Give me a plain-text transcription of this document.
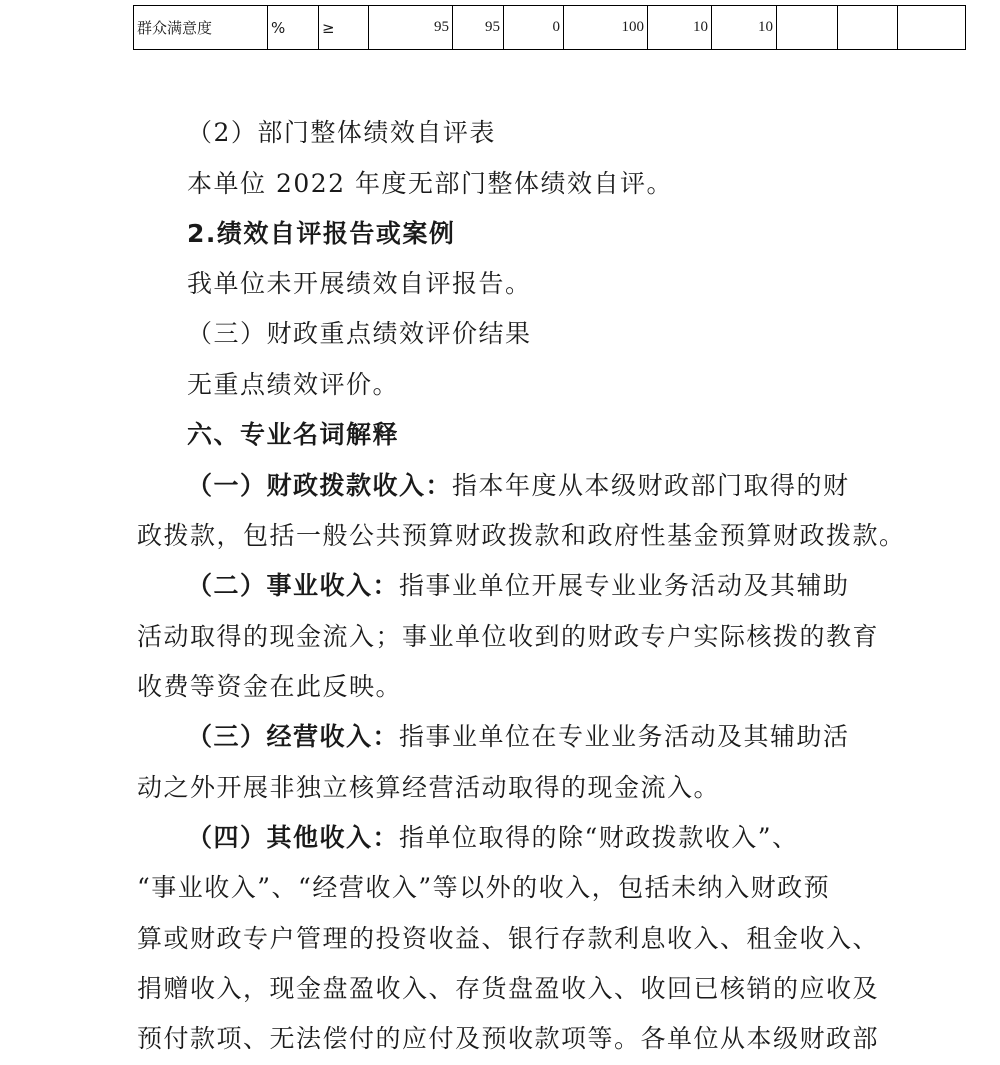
群众满意度	%	≥	95	95	0	100	10	10			
（2）部门整体绩效自评表
本单位 2022 年度无部门整体绩效自评。
2.绩效自评报告或案例
我单位未开展绩效自评报告。
（三）财政重点绩效评价结果
无重点绩效评价。
六、专业名词解释
（一）财政拨款收入：指本年度从本级财政部门取得的财
政拨款，包括一般公共预算财政拨款和政府性基金预算财政拨款。
（二）事业收入：指事业单位开展专业业务活动及其辅助
活动取得的现金流入；事业单位收到的财政专户实际核拨的教育
收费等资金在此反映。
（三）经营收入：指事业单位在专业业务活动及其辅助活
动之外开展非独立核算经营活动取得的现金流入。
（四）其他收入：指单位取得的除“财政拨款收入”、
“事业收入”、“经营收入”等以外的收入，包括未纳入财政预
算或财政专户管理的投资收益、银行存款利息收入、租金收入、
捐赠收入，现金盘盈收入、存货盘盈收入、收回已核销的应收及
预付款项、无法偿付的应付及预收款项等。各单位从本级财政部
